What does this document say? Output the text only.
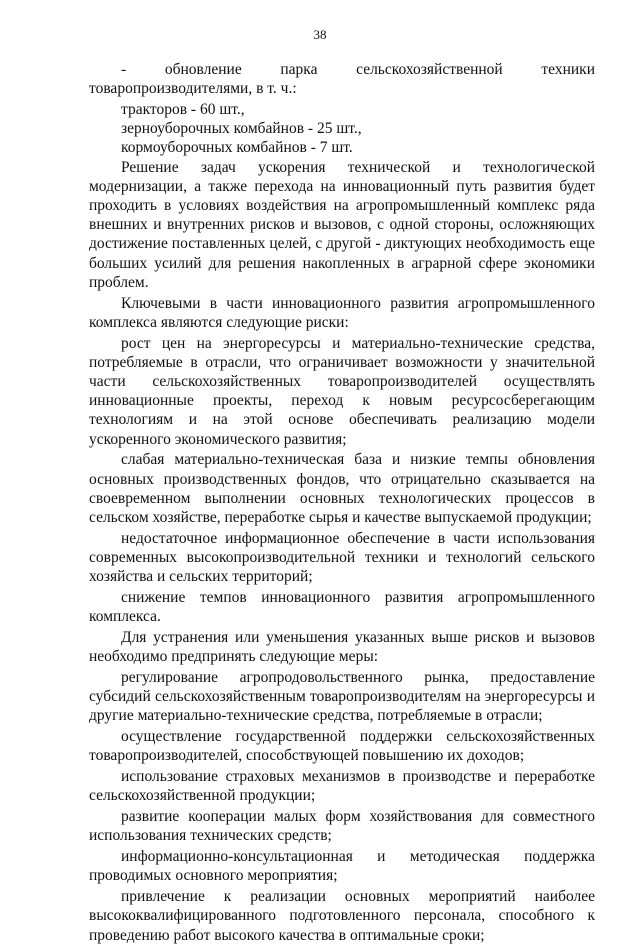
38

- обновление парка сельскохозяйственной техники товаропроизводителями, в т. ч.:

тракторов - 60 шт.,

зерноуборочных комбайнов - 25 шт.,

кормоуборочных комбайнов - 7 шт.

Решение задач ускорения технической и технологической модернизации, а также перехода на инновационный путь развития будет проходить в условиях воздействия на агропромышленный комплекс ряда внешних и внутренних рисков и вызовов, с одной стороны, осложняющих достижение поставленных целей, с другой - диктующих необходимость еще больших усилий для решения накопленных в аграрной сфере экономики проблем.

Ключевыми в части инновационного развития агропромышленного комплекса являются следующие риски:

рост цен на энергоресурсы и материально-технические средства, потребляемые в отрасли, что ограничивает возможности у значительной части сельскохозяйственных товаропроизводителей осуществлять инновационные проекты, переход к новым ресурсосберегающим технологиям и на этой основе обеспечивать реализацию модели ускоренного экономического развития;

слабая материально-техническая база и низкие темпы обновления основных производственных фондов, что отрицательно сказывается на своевременном выполнении основных технологических процессов в сельском хозяйстве, переработке сырья и качестве выпускаемой продукции;

недостаточное информационное обеспечение в части использования современных высокопроизводительной техники и технологий сельского хозяйства и сельских территорий;

снижение темпов инновационного развития агропромышленного комплекса.

Для устранения или уменьшения указанных выше рисков и вызовов необходимо предпринять следующие меры:

регулирование агропродовольственного рынка, предоставление субсидий сельскохозяйственным товаропроизводителям на энергоресурсы и другие материально-технические средства, потребляемые в отрасли;

осуществление государственной поддержки сельскохозяйственных товаропроизводителей, способствующей повышению их доходов;

использование страховых механизмов в производстве и переработке сельскохозяйственной продукции;

развитие кооперации малых форм хозяйствования для совместного использования технических средств;

информационно-консультационная и методическая поддержка проводимых основного мероприятия;

привлечение к реализации основных мероприятий наиболее высококвалифицированного подготовленного персонала, способного к проведению работ высокого качества в оптимальные сроки;
